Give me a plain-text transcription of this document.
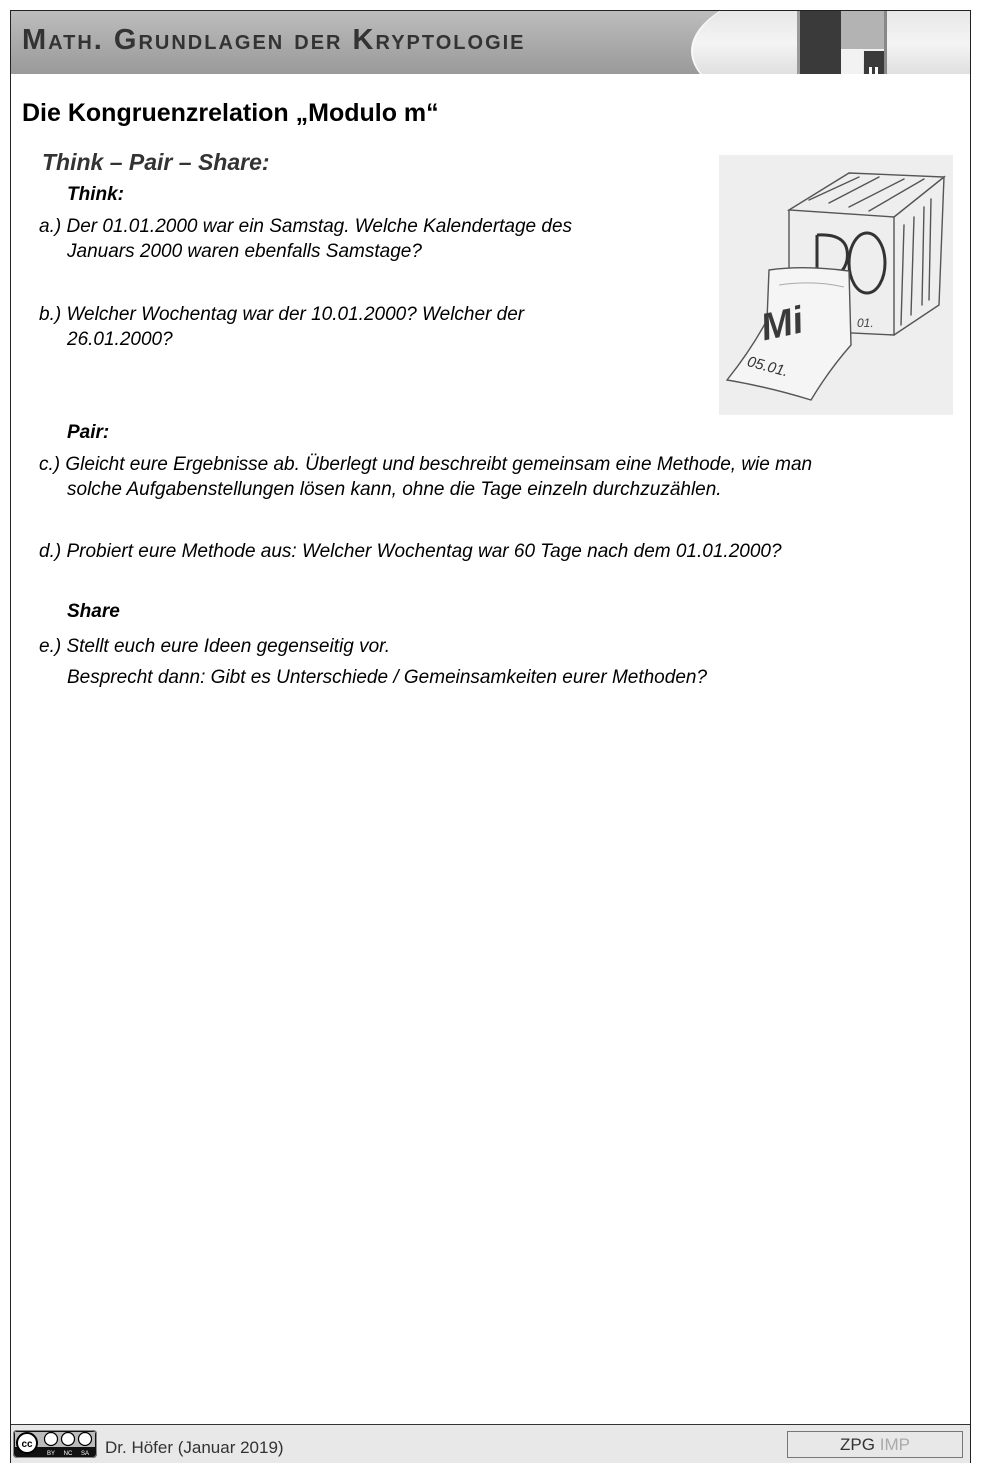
Math. Grundlagen der Kryptologie
Die Kongruenzrelation „Modulo m“
Think – Pair – Share:
Think:
a.) Der 01.01.2000 war ein Samstag. Welche Kalendertage des
Januars 2000 waren ebenfalls Samstage?
b.) Welcher Wochentag war der 10.01.2000? Welcher der
26.01.2000?
Pair:
c.) Gleicht eure Ergebnisse ab. Überlegt und beschreibt gemeinsam eine Methode, wie man
solche Aufgabenstellungen lösen kann, ohne die Tage einzeln durchzuzählen.
d.) Probiert eure Methode aus: Welcher Wochentag war 60 Tage nach dem 01.01.2000?
Share
e.) Stellt euch eure Ideen gegenseitig vor.
Besprecht dann: Gibt es Unterschiede / Gemeinsamkeiten eurer Methoden?
01.
Mi
05.01.
cc
BY NC SA Dr. Höfer (Januar 2019)	ZPG IMP
